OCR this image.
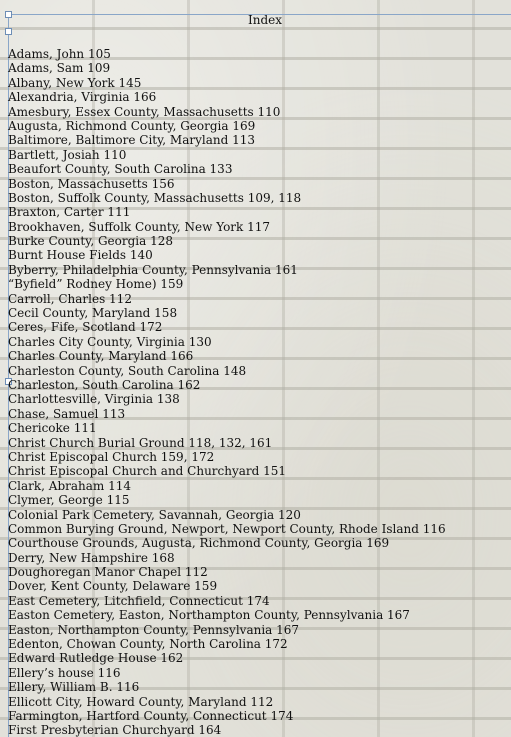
Index
Adams, John 105
Adams, Sam 109
Albany, New York 145
Alexandria, Virginia 166
Amesbury, Essex County, Massachusetts 110
Augusta, Richmond County, Georgia 169
Baltimore, Baltimore City, Maryland 113
Bartlett, Josiah 110
Beaufort County, South Carolina 133
Boston, Massachusetts 156
Boston, Suffolk County, Massachusetts 109, 118
Braxton, Carter 111
Brookhaven, Suffolk County, New York 117
Burke County, Georgia 128
Burnt House Fields 140
Byberry, Philadelphia County, Pennsylvania 161
“Byfield” Rodney Home) 159
Carroll, Charles 112
Cecil County, Maryland 158
Ceres, Fife, Scotland 172
Charles City County, Virginia 130
Charles County, Maryland 166
Charleston County, South Carolina 148
Charleston, South Carolina 162
Charlottesville, Virginia 138
Chase, Samuel 113
Chericoke 111
Christ Church Burial Ground 118, 132, 161
Christ Episcopal Church 159, 172
Christ Episcopal Church and Churchyard 151
Clark, Abraham 114
Clymer, George 115
Colonial Park Cemetery, Savannah, Georgia 120
Common Burying Ground, Newport, Newport County, Rhode Island 116
Courthouse Grounds, Augusta, Richmond County, Georgia 169
Derry, New Hampshire 168
Doughoregan Manor Chapel 112
Dover, Kent County, Delaware 159
East Cemetery, Litchfield, Connecticut 174
Easton Cemetery, Easton, Northampton County, Pennsylvania 167
Easton, Northampton County, Pennsylvania 167
Edenton, Chowan County, North Carolina 172
Edward Rutledge House 162
Ellery’s house 116
Ellery, William B. 116
Ellicott City, Howard County, Maryland 112
Farmington, Hartford County, Connecticut 174
First Presbyterian Churchyard 164
